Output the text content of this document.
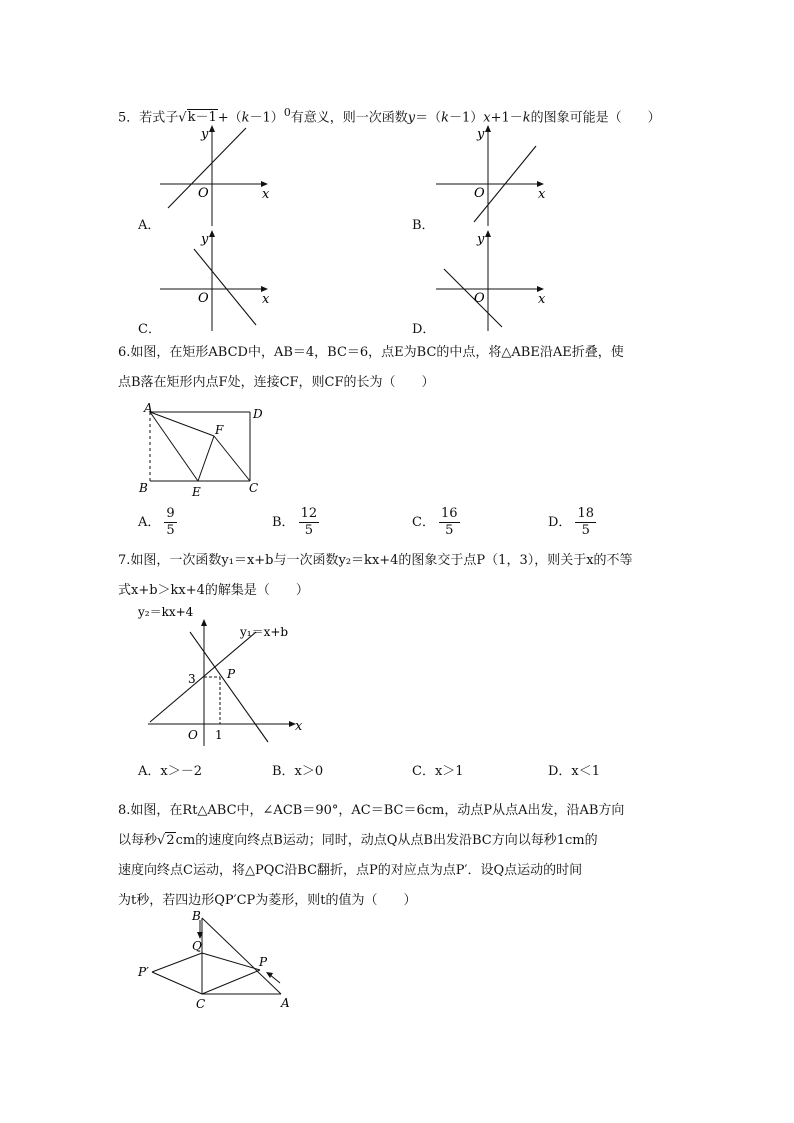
5．若式子$√k-1+(k-1)^0$有意义，则一次函数y＝（k－1）x+1－k的图象可能是（　　）
y
x
O
A．
y
x
O
B．
y
x
O
C．
y
x
O
D．
6.如图，在矩形ABCD中，AB＝4，BC＝6，点E为BC的中点，将△ABE沿AE折叠，使
点B落在矩形内点F处，连接CF，则CF的长为（　　）
A	D
B	E	C
F
A． $\frac{9}{5}$	B． $\frac{12}{5}$	C． $\frac{16}{5}$	D． $\frac{18}{5}$
7.如图，一次函数y₁＝x+b与一次函数y₂＝kx+4的图象交于点P（1，3），则关于x的不等
式x+b＞kx+4的解集是（　　）
y₂＝kx+4
y₁＝x+b
x
3
1
O
P
A．x＞－2	B．x＞0	C．x＞1	D．x＜1
8.如图，在Rt△ABC中，∠ACB＝90°，AC＝BC＝6cm，动点P从点A出发，沿AB方向
以每秒√2cm的速度向终点B运动；同时，动点Q从点B出发沿BC方向以每秒1cm的
速度向终点C运动，将△PQC沿BC翻折，点P的对应点为点P′．设Q点运动的时间
为t秒，若四边形QP′CP为菱形，则t的值为（　　）
B
Q
P′
P
C	A
